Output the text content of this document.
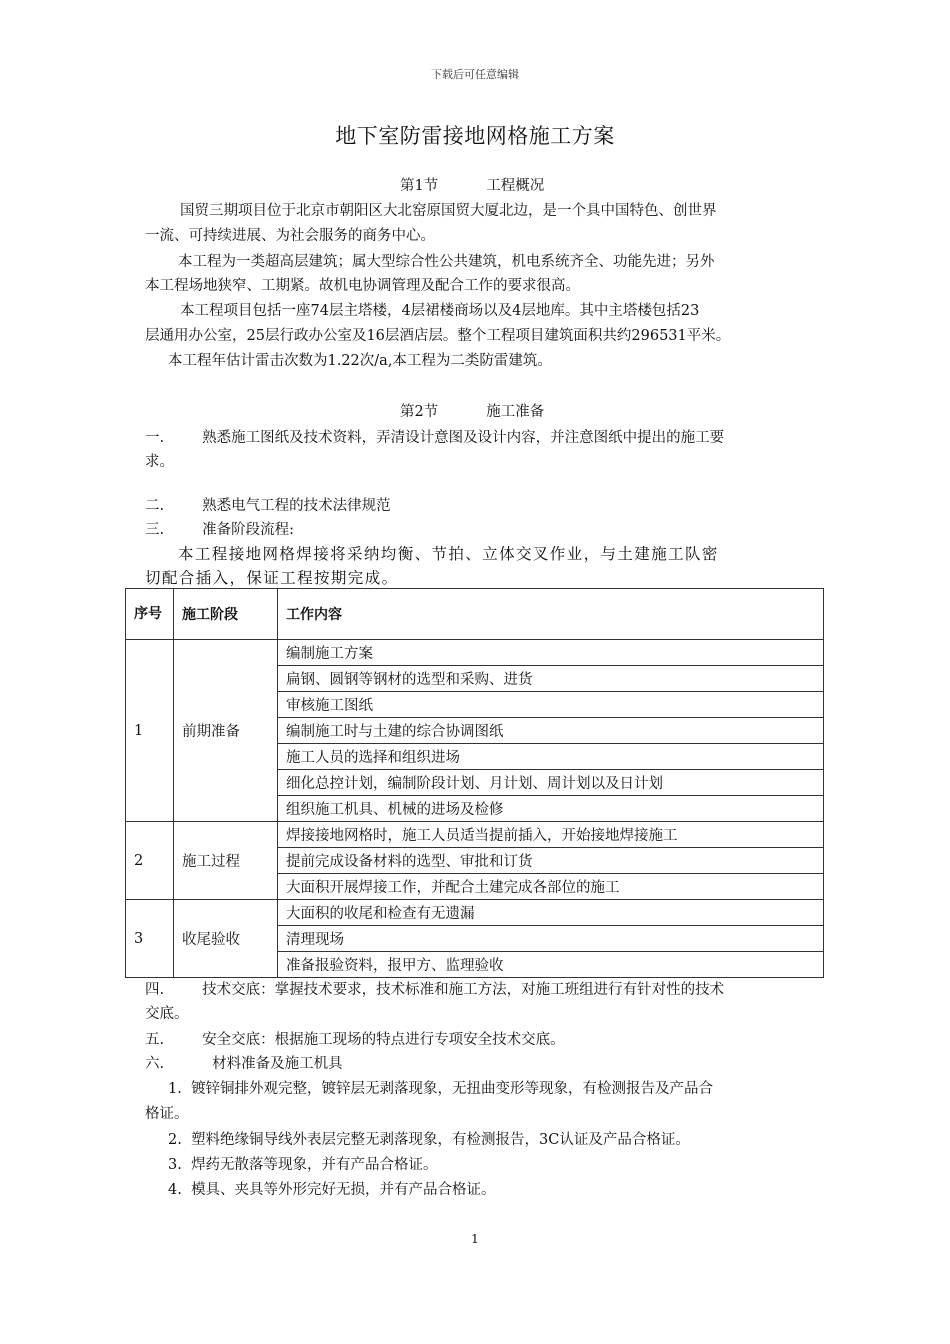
下载后可任意编辑
地下室防雷接地网格施工方案
第1节	工程概况
国贸三期项目位于北京市朝阳区大北窑原国贸大厦北边，是一个具中国特色、创世界
一流、可持续进展、为社会服务的商务中心。
本工程为一类超高层建筑；属大型综合性公共建筑，机电系统齐全、功能先进；另外
本工程场地狭窄、工期紧。故机电协调管理及配合工作的要求很高。
本工程项目包括一座74层主塔楼，4层裙楼商场以及4层地库。其中主塔楼包括23
层通用办公室，25层行政办公室及16层酒店层。整个工程项目建筑面积共约296531平米。
本工程年估计雷击次数为1.22次/a,本工程为二类防雷建筑。
第2节	施工准备
一.	熟悉施工图纸及技术资料，弄清设计意图及设计内容，并注意图纸中提出的施工要
求。
二.	熟悉电气工程的技术法律规范
三.	准备阶段流程:
本工程接地网格焊接将采纳均衡、节拍、立体交叉作业，与土建施工队密
切配合插入，保证工程按期完成。
序号	施工阶段	工作内容
1	前期准备	编制施工方案
		扁钢、圆钢等钢材的选型和采购、进货
		审核施工图纸
		编制施工时与土建的综合协调图纸
		施工人员的选择和组织进场
		细化总控计划，编制阶段计划、月计划、周计划以及日计划
		组织施工机具、机械的进场及检修
2	施工过程	焊接接地网格时，施工人员适当提前插入，开始接地焊接施工
		提前完成设备材料的选型、审批和订货
		大面积开展焊接工作，并配合土建完成各部位的施工
3	收尾验收	大面积的收尾和检查有无遗漏
		清理现场
		准备报验资料，报甲方、监理验收
四.	技术交底：掌握技术要求，技术标准和施工方法，对施工班组进行有针对性的技术
交底。
五.	安全交底：根据施工现场的特点进行专项安全技术交底。
六.	材料准备及施工机具
1. 镀锌铜排外观完整，镀锌层无剥落现象，无扭曲变形等现象，有检测报告及产品合
格证。
2. 塑料绝缘铜导线外表层完整无剥落现象，有检测报告，3C认证及产品合格证。
3. 焊药无散落等现象，并有产品合格证。
4. 模具、夹具等外形完好无损，并有产品合格证。
1
